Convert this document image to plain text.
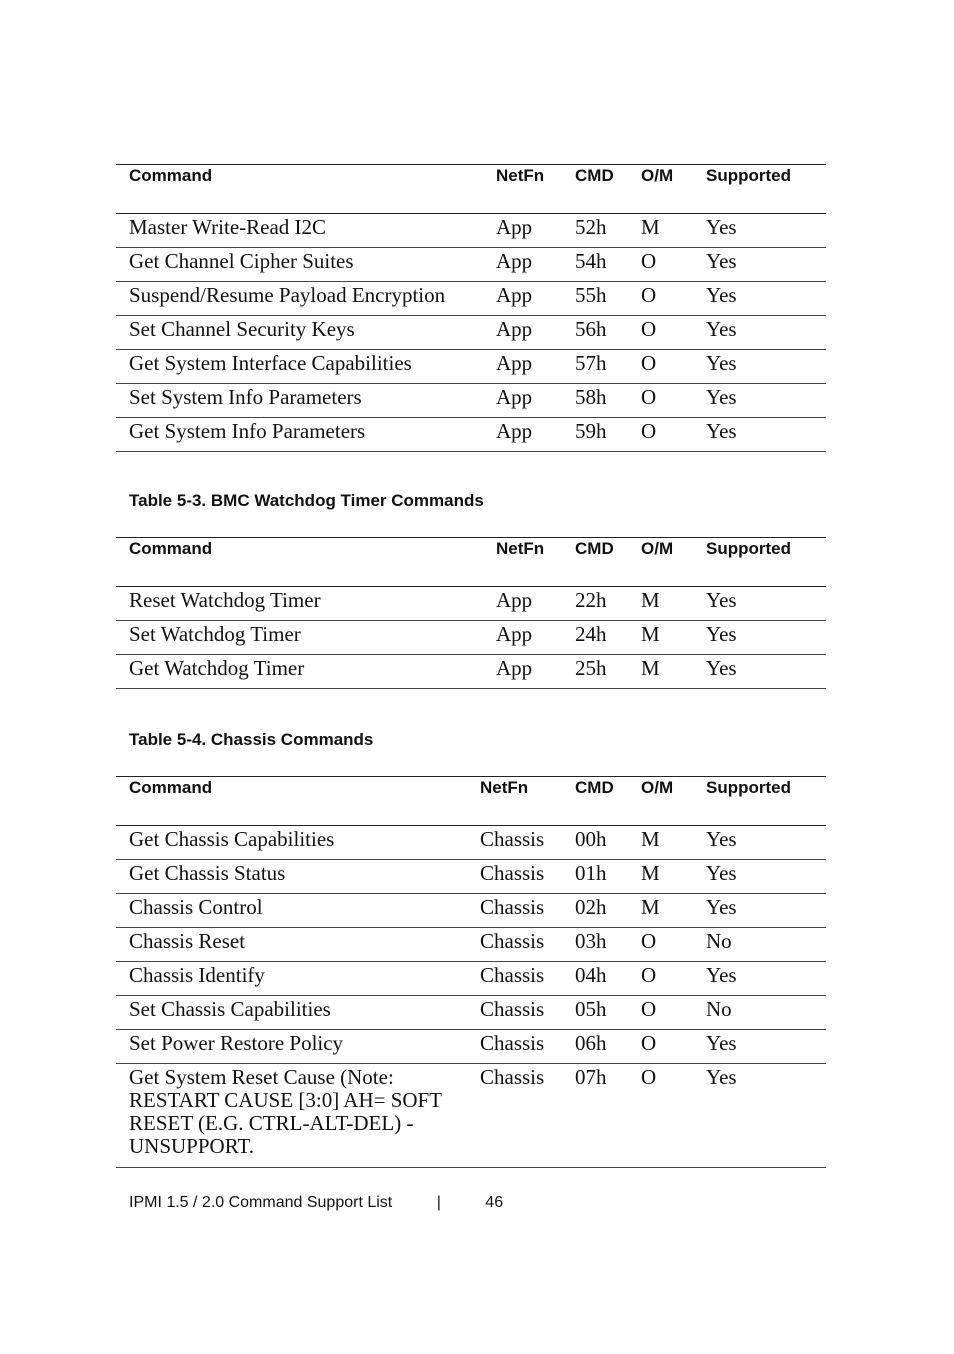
Command	NetFn	CMD	O/M	Supported
Master Write-Read I2C	App	52h	M	Yes
Get Channel Cipher Suites	App	54h	O	Yes
Suspend/Resume Payload Encryption	App	55h	O	Yes
Set Channel Security Keys	App	56h	O	Yes
Get System Interface Capabilities	App	57h	O	Yes
Set System Info Parameters	App	58h	O	Yes
Get System Info Parameters	App	59h	O	Yes
Table 5-3. BMC Watchdog Timer Commands
Command	NetFn	CMD	O/M	Supported
Reset Watchdog Timer	App	22h	M	Yes
Set Watchdog Timer	App	24h	M	Yes
Get Watchdog Timer	App	25h	M	Yes
Table 5-4. Chassis Commands
Command	NetFn	CMD	O/M	Supported
Get Chassis Capabilities	Chassis	00h	M	Yes
Get Chassis Status	Chassis	01h	M	Yes
Chassis Control	Chassis	02h	M	Yes
Chassis Reset	Chassis	03h	O	No
Chassis Identify	Chassis	04h	O	Yes
Set Chassis Capabilities	Chassis	05h	O	No
Set Power Restore Policy	Chassis	06h	O	Yes
Get System Reset Cause (Note: RESTART CAUSE [3:0] AH= SOFT RESET (E.G. CTRL-ALT-DEL) -UNSUPPORT.	Chassis	07h	O	Yes
IPMI 1.5 / 2.0 Command Support List	|	46
